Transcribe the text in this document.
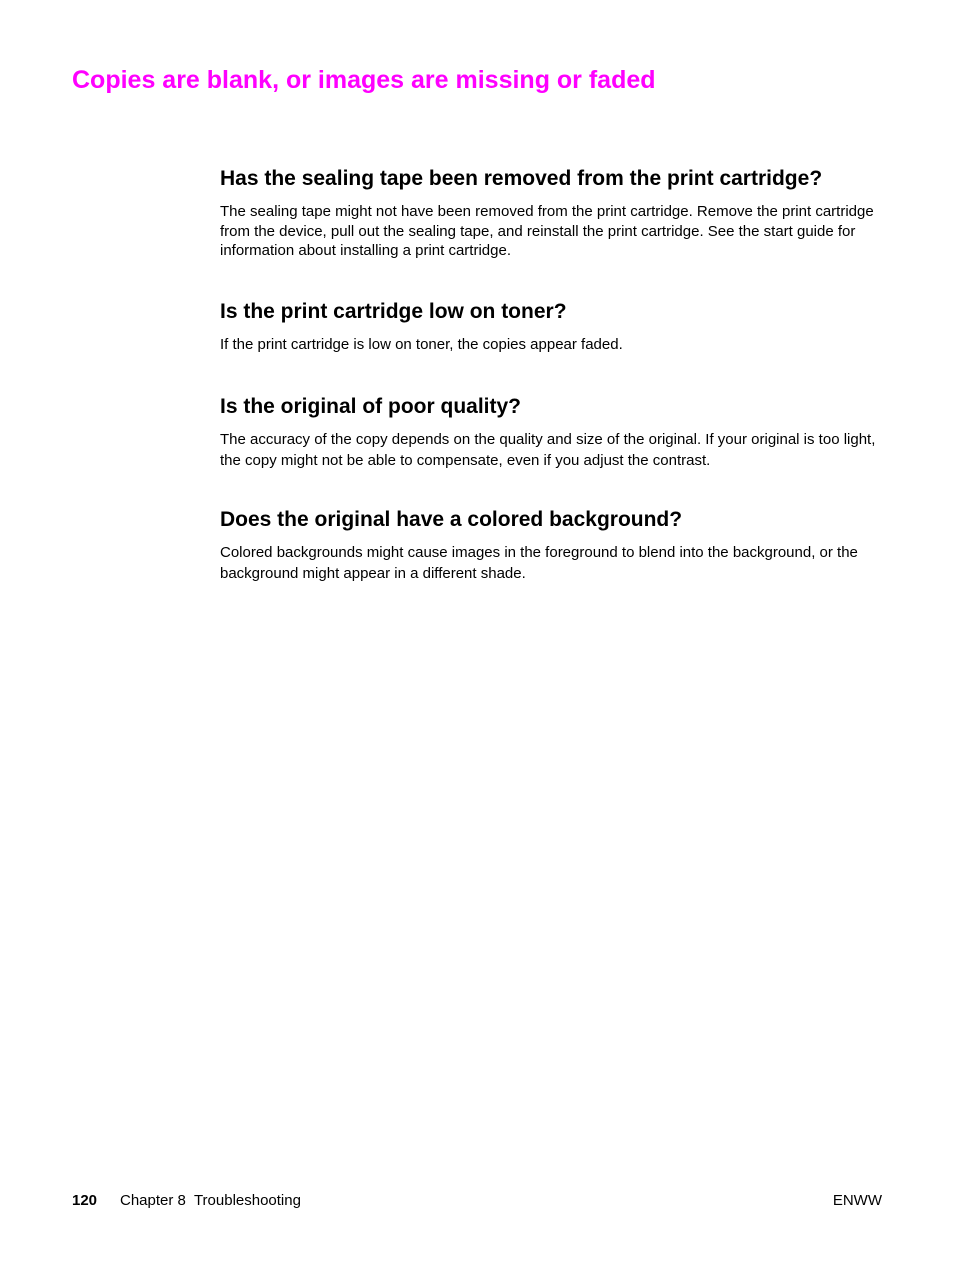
Copies are blank, or images are missing or faded
Has the sealing tape been removed from the print cartridge?

The sealing tape might not have been removed from the print cartridge. Remove the print cartridge from the device, pull out the sealing tape, and reinstall the print cartridge. See the start guide for information about installing a print cartridge.

Is the print cartridge low on toner?

If the print cartridge is low on toner, the copies appear faded.

Is the original of poor quality?

The accuracy of the copy depends on the quality and size of the original. If your original is too light, the copy might not be able to compensate, even if you adjust the contrast.

Does the original have a colored background?

Colored backgrounds might cause images in the foreground to blend into the background, or the background might appear in a different shade.

120 Chapter 8  Troubleshooting	ENWW
